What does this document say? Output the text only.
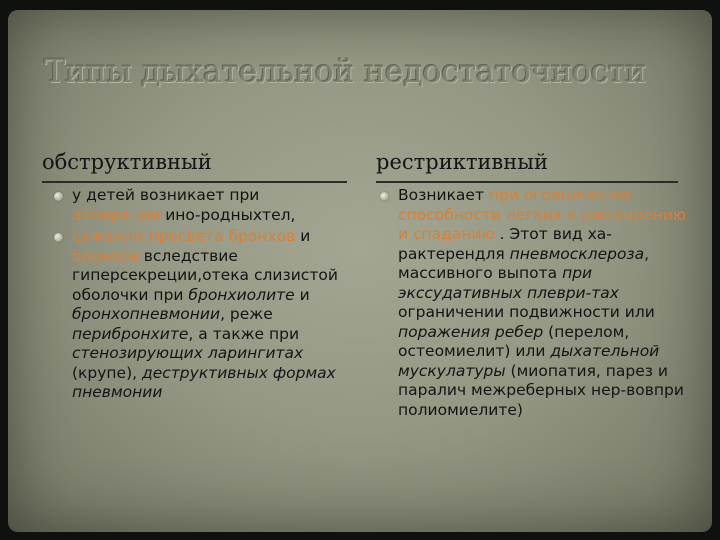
Типы дыхательной недостаточности
обструктивный	рестриктивный
у детей возникает при аспирации ино-родныхтел,
сужении просвета бронхов и бронхов вследствие гиперсекреции,отека слизистой оболочки при бронхиолите и бронхопневмонии, реже перибронхите, а также при стенозирующих ларингитах (крупе), деструктивных формах пневмонии
Возникает при ограничении способности легких к расширению и спаданию . Этот вид ха-рактерендля пневмосклероза, массивного выпота при экссудативных плеври-тах ограничении подвижности или поражения ребер (перелом, остеомиелит) или дыхательной мускулатуры (миопатия, парез и паралич межреберных нер-вовпри полиомиелите)
